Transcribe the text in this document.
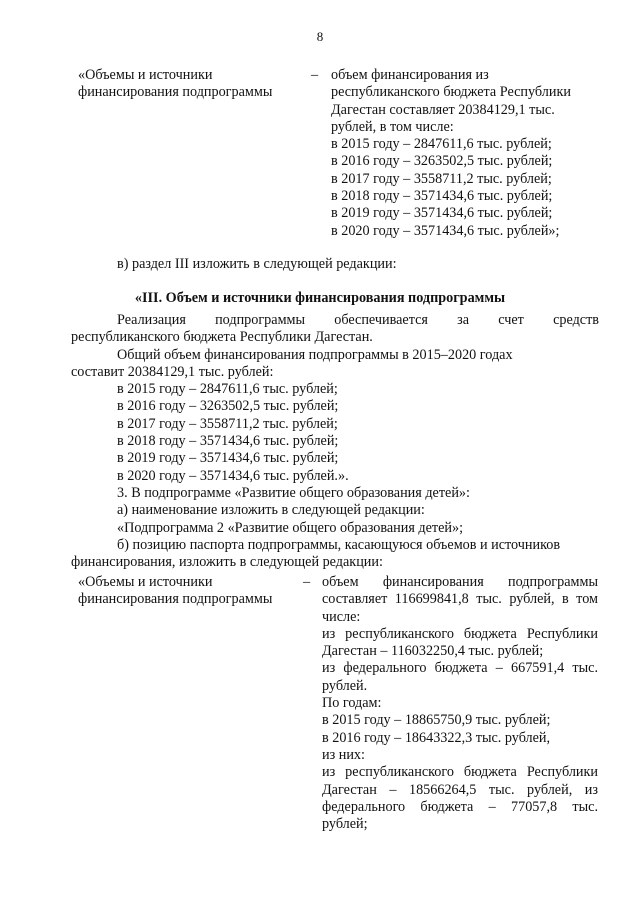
8
«Объемы и источники
финансирования подпрограммы
– объем финансирования из
республиканского бюджета Республики
Дагестан составляет 20384129,1 тыс.
рублей, в том числе:
в 2015 году – 2847611,6 тыс. рублей;
в 2016 году – 3263502,5 тыс. рублей;
в 2017 году – 3558711,2 тыс. рублей;
в 2018 году – 3571434,6 тыс. рублей;
в 2019 году – 3571434,6 тыс. рублей;
в 2020 году – 3571434,6 тыс. рублей»;
в) раздел III изложить в следующей редакции:
«III. Объем и источники финансирования подпрограммы
Реализация подпрограммы обеспечивается за счет средств
республиканского бюджета Республики Дагестан.
Общий объем финансирования подпрограммы в 2015–2020 годах
составит 20384129,1 тыс. рублей:
в 2015 году – 2847611,6 тыс. рублей;
в 2016 году – 3263502,5 тыс. рублей;
в 2017 году – 3558711,2 тыс. рублей;
в 2018 году – 3571434,6 тыс. рублей;
в 2019 году – 3571434,6 тыс. рублей;
в 2020 году – 3571434,6 тыс. рублей.».
3. В подпрограмме «Развитие общего образования детей»:
а) наименование изложить в следующей редакции:
«Подпрограмма 2 «Развитие общего образования детей»;
б) позицию паспорта подпрограммы, касающуюся объемов и источников
финансирования, изложить в следующей редакции:
«Объемы и источники
финансирования подпрограммы
– объем финансирования подпрограммы
составляет 116699841,8 тыс. рублей, в том
числе:
из республиканского бюджета Республики
Дагестан – 116032250,4 тыс. рублей;
из федерального бюджета – 667591,4 тыс.
рублей.
По годам:
в 2015 году – 18865750,9 тыс. рублей;
в 2016 году – 18643322,3 тыс. рублей,
из них:
из республиканского бюджета Республики
Дагестан – 18566264,5 тыс. рублей, из
федерального бюджета – 77057,8 тыс.
рублей;
